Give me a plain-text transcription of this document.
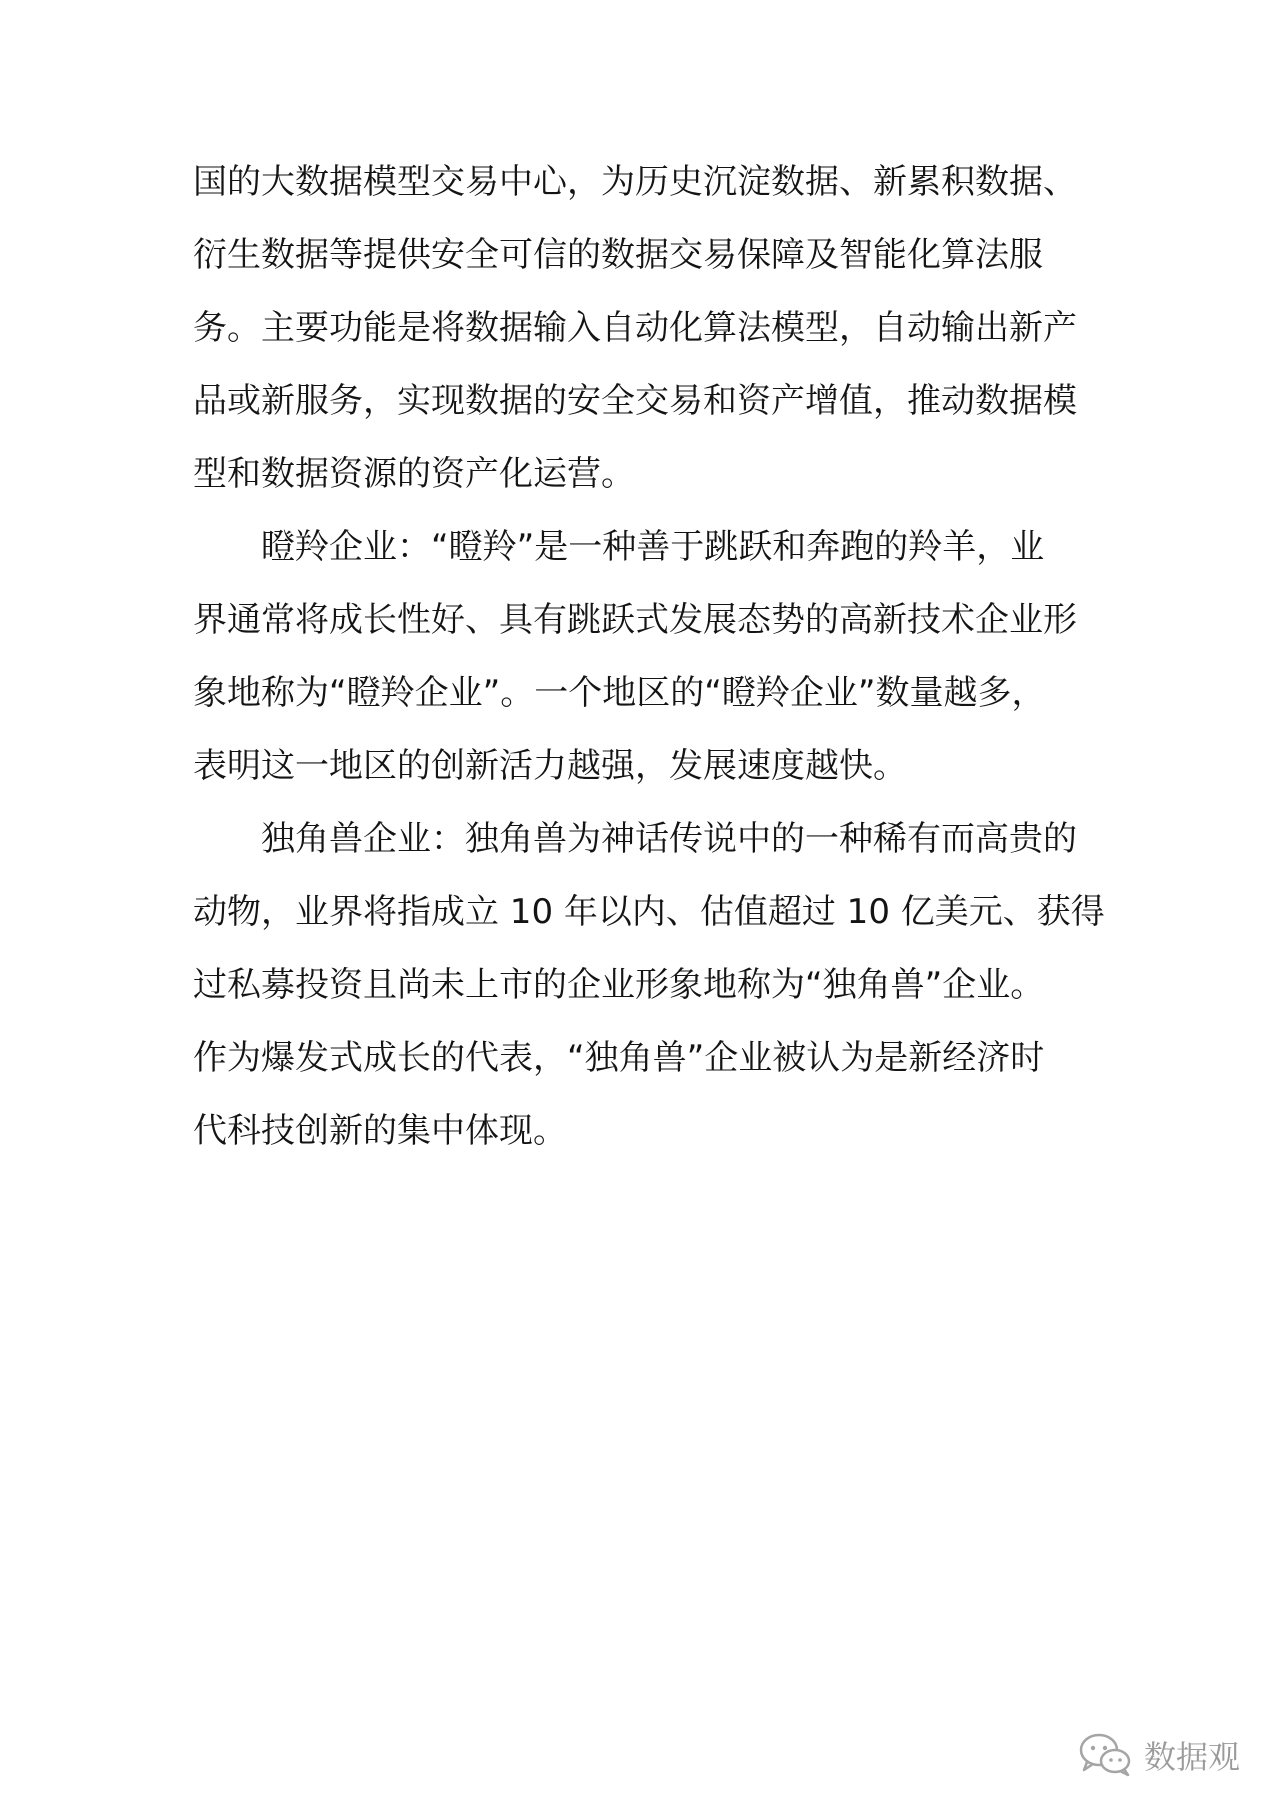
国的大数据模型交易中心，为历史沉淀数据、新累积数据、
衍生数据等提供安全可信的数据交易保障及智能化算法服
务。主要功能是将数据输入自动化算法模型，自动输出新产
品或新服务，实现数据的安全交易和资产增值，推动数据模
型和数据资源的资产化运营。

瞪羚企业：“瞪羚”是一种善于跳跃和奔跑的羚羊，业
界通常将成长性好、具有跳跃式发展态势的高新技术企业形
象地称为“瞪羚企业”。一个地区的“瞪羚企业”数量越多，
表明这一地区的创新活力越强，发展速度越快。

独角兽企业：独角兽为神话传说中的一种稀有而高贵的
动物，业界将指成立 10 年以内、估值超过 10 亿美元、获得
过私募投资且尚未上市的企业形象地称为“独角兽”企业。
作为爆发式成长的代表，“独角兽”企业被认为是新经济时
代科技创新的集中体现。

数据观
